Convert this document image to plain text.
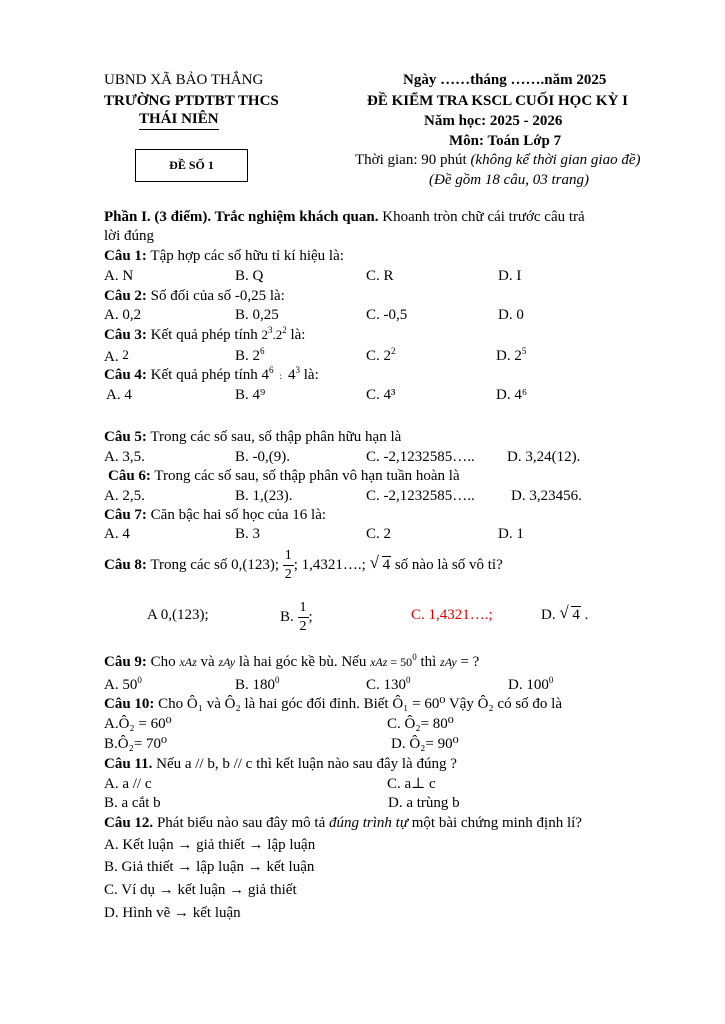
UBND XÃ BẢO THẮNG
TRƯỜNG PTDTBT THCS
THÁI NIÊN
ĐỀ SỐ 1
Ngày ……tháng …….năm 2025
ĐỀ KIỂM TRA KSCL CUỐI HỌC KỲ I
Năm học: 2025 - 2026
Môn: Toán Lớp 7
Thời gian: 90 phút (không kể thời gian giao đề)
(Đề gồm 18 câu, 03 trang)
Phần I. (3 điểm). Trắc nghiệm khách quan. Khoanh tròn chữ cái trước câu trả
lời đúng
Câu 1: Tập hợp các số hữu tỉ kí hiệu là:
A. N	B. Q	C. R	D. I
Câu 2: Số đối của số -0,25 là:
A. 0,2	B. 0,25	C. -0,5	D. 0
Câu 3: Kết quả phép tính $2^3.2^2$ là:
A. 2	B. $2^6$	C. $2^2$	D. $2^5$
Câu 4: Kết quả phép tính $4^6$: $4^3$ là:
A. 4	B. 4⁹	C. 4³	D. 4⁶
Câu 5: Trong các số sau, số thập phân hữu hạn là
A. 3,5.	B. -0,(9).	C. -2,1232585….. D. 3,24(12).
Câu 6: Trong các số sau, số thập phân vô hạn tuần hoàn là
A. 2,5.	B. 1,(23).	C. -2,1232585….. D. 3,23456.
Câu 7: Căn bậc hai số học của 16 là:
A. 4	B. 3	C. 2	D. 1
Câu 8: Trong các số 0,(123); $\frac{1}{2}$ ; 1,4321….; √ 4 số nào là số vô tỉ?
A 0,(123);	B. $\frac{1}{2}$ ;	C. 1,4321….;	D. √ 4 .
Câu 9: Cho xAz và zAy là hai góc kề bù. Nếu xAz = $50^0$ thì zAy = ?
A. $50^0$	B. $180^0$	C. $130^0$	D. $100^0$
Câu 10: Cho Ô₁ và Ô₂ là hai góc đối đỉnh. Biết Ô₁ = 60⁰ Vậy Ô₂ có số đo là
A.Ô₂ = 60⁰	C. Ô₂= 80⁰
B.Ô₂= 70⁰	D. Ô₂= 90⁰
Câu 11. Nếu a // b, b // c thì kết luận nào sau đây là đúng ?
A. a // c	C. a⊥ c
B. a cắt b	D. a trùng b
Câu 12. Phát biểu nào sau đây mô tả đúng trình tự một bài chứng minh định lí?
A. Kết luận → giả thiết → lập luận
B. Giả thiết → lập luận → kết luận
C. Ví dụ → kết luận → giả thiết
D. Hình vẽ → kết luận
